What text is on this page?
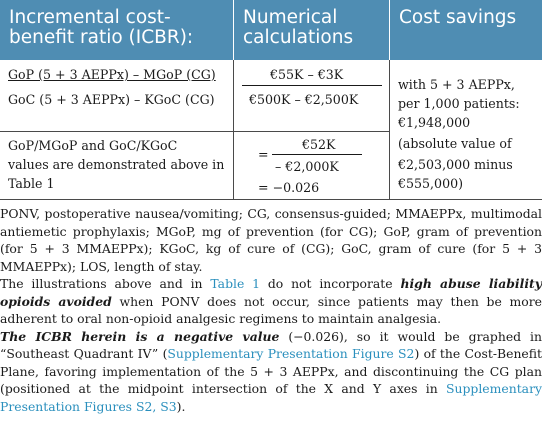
Incremental cost-
benefit ratio (ICBR):
Numerical
calculations
Cost savings
GoP (5 + 3 AEPPx) – MGoP (CG)
GoC (5 + 3 AEPPx) – KGoC (CG)
€55K – €3K
€500K – €2,500K
GoP/MGoP and GoC/KGoC
values are demonstrated above in
Table 1
=
€52K
– €2,000K
= −0.026
with 5 + 3 AEPPx,
per 1,000 patients:
€1,948,000
(absolute value of
€2,503,000 minus
€555,000)

PONV, postoperative nausea/vomiting; CG, consensus-guided; MMAEPPx, multimodal antiemetic prophylaxis; MGoP, mg of prevention (for CG); GoP, gram of prevention (for 5 + 3 MMAEPPx); KGoC, kg of cure of (CG); GoC, gram of cure (for 5 + 3 MMAEPPx); LOS, length of stay.

The illustrations above and in Table 1 do not incorporate high abuse liability opioids avoided when PONV does not occur, since patients may then be more adherent to oral non-opioid analgesic regimens to maintain analgesia.

The ICBR herein is a negative value (−0.026), so it would be graphed in “Southeast Quadrant IV” (Supplementary Presentation Figure S2) of the Cost-Benefit Plane, favoring implementation of the 5 + 3 AEPPx, and discontinuing the CG plan (positioned at the midpoint intersection of the X and Y axes in Supplementary Presentation Figures S2, S3).
